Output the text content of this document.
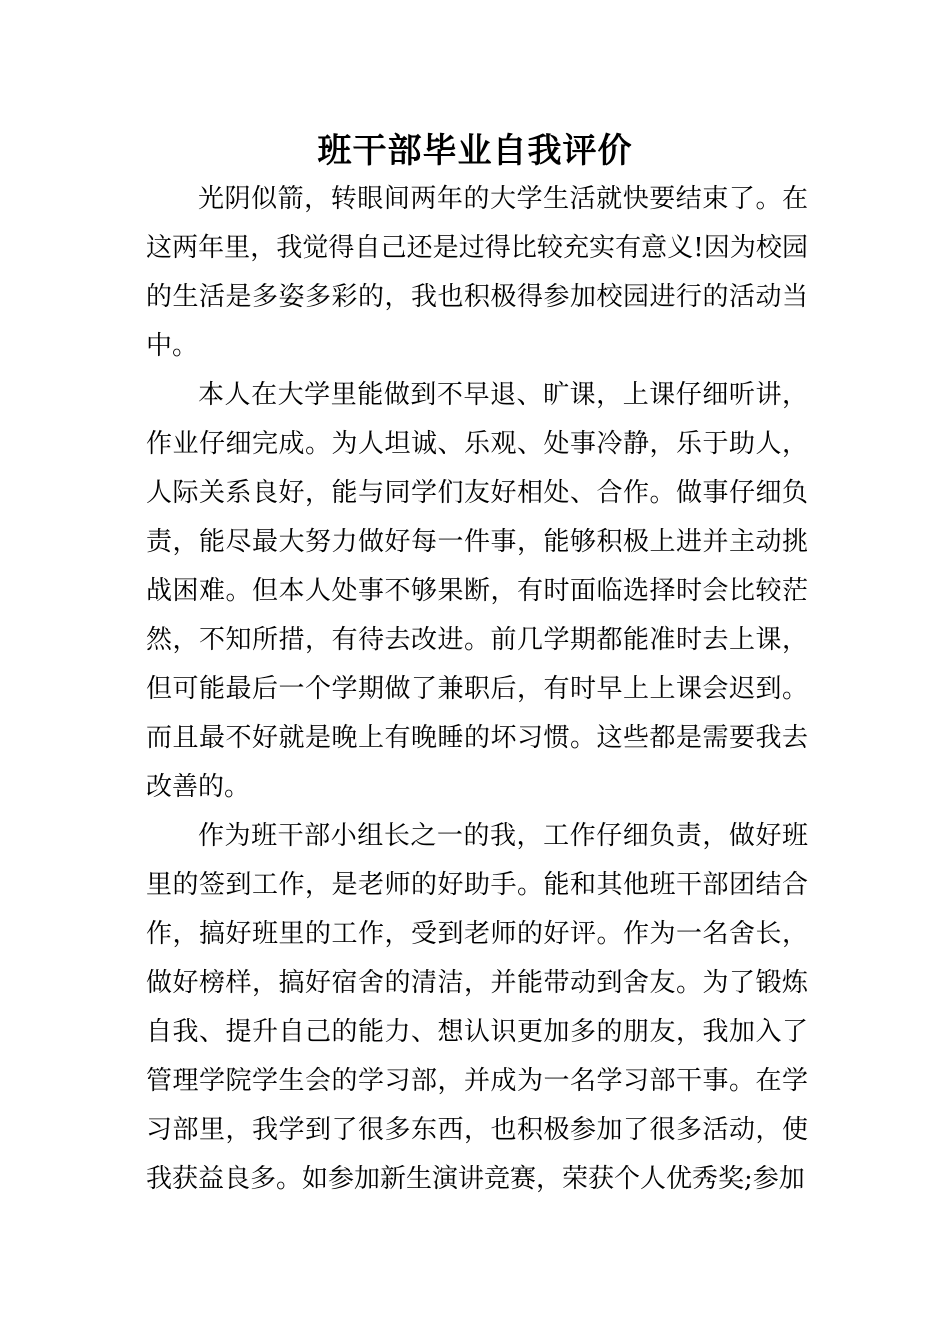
班干部毕业自我评价

光阴似箭，转眼间两年的大学生活就快要结束了。在这两年里，我觉得自己还是过得比较充实有意义!因为校园的生活是多姿多彩的，我也积极得参加校园进行的活动当中。

本人在大学里能做到不早退、旷课，上课仔细听讲，作业仔细完成。为人坦诚、乐观、处事冷静，乐于助人，人际关系良好，能与同学们友好相处、合作。做事仔细负责，能尽最大努力做好每一件事，能够积极上进并主动挑战困难。但本人处事不够果断，有时面临选择时会比较茫然，不知所措，有待去改进。前几学期都能准时去上课，但可能最后一个学期做了兼职后，有时早上上课会迟到。而且最不好就是晚上有晚睡的坏习惯。这些都是需要我去改善的。

作为班干部小组长之一的我，工作仔细负责，做好班里的签到工作，是老师的好助手。能和其他班干部团结合作，搞好班里的工作，受到老师的好评。作为一名舍长，做好榜样，搞好宿舍的清洁，并能带动到舍友。为了锻炼自我、提升自己的能力、想认识更加多的朋友，我加入了管理学院学生会的学习部，并成为一名学习部干事。在学习部里，我学到了很多东西，也积极参加了很多活动，使我获益良多。如参加新生演讲竞赛，荣获个人优秀奖;参加
